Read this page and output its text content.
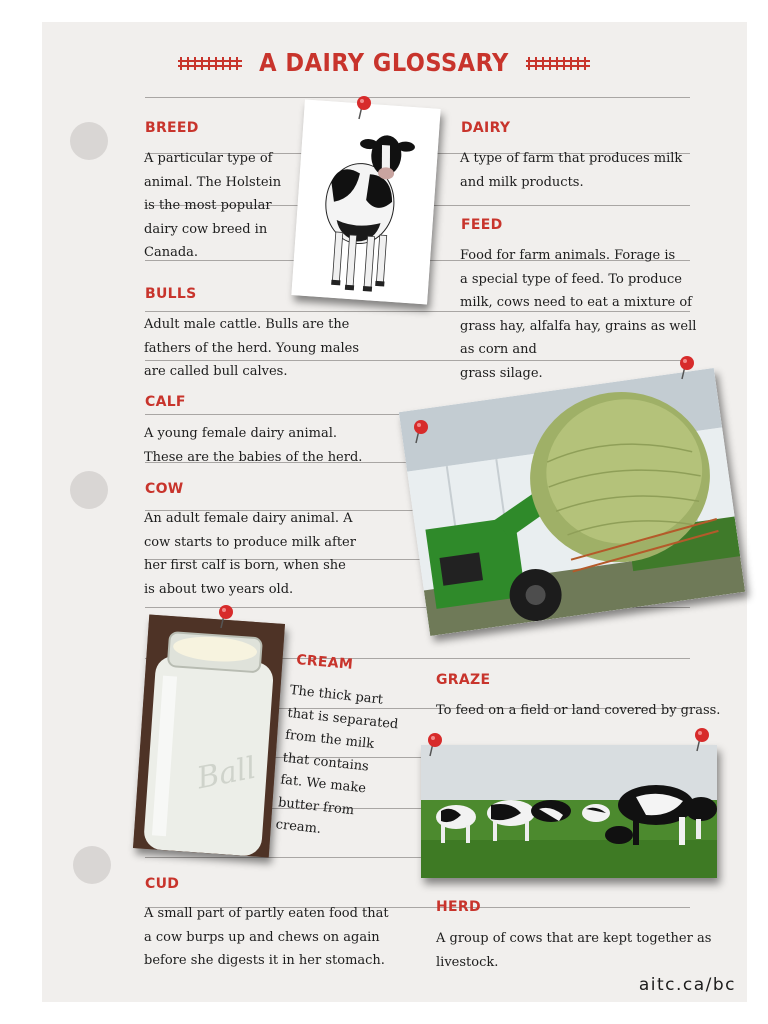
A DAIRY GLOSSARY
BREED
A particular type of
animal. The Holstein
is the most popular
dairy cow breed in
Canada.
BULLS
Adult male cattle. Bulls are the
fathers of the herd. Young males
are called bull calves.
CALF
A young female dairy animal.
These are the babies of the herd.
COW
An adult female dairy animal. A
cow starts to produce milk after
her first calf is born, when she
is about two years old.
CREAM
The thick part
that is separated
from the milk
that contains
fat. We make
butter from
cream.
CUD
A small part of partly eaten food that
a cow burps up and chews on again
before she digests it in her stomach.
DAIRY
A type of farm that produces milk
and milk products.
FEED
Food for farm animals. Forage is
a special type of feed. To produce
milk, cows need to eat a mixture of
grass hay, alfalfa hay, grains as well
as corn and
grass silage.
GRAZE
To feed on a field or land covered by grass.
HERD
A group of cows that are kept together as
livestock.
Ball
aitc.ca/bc
